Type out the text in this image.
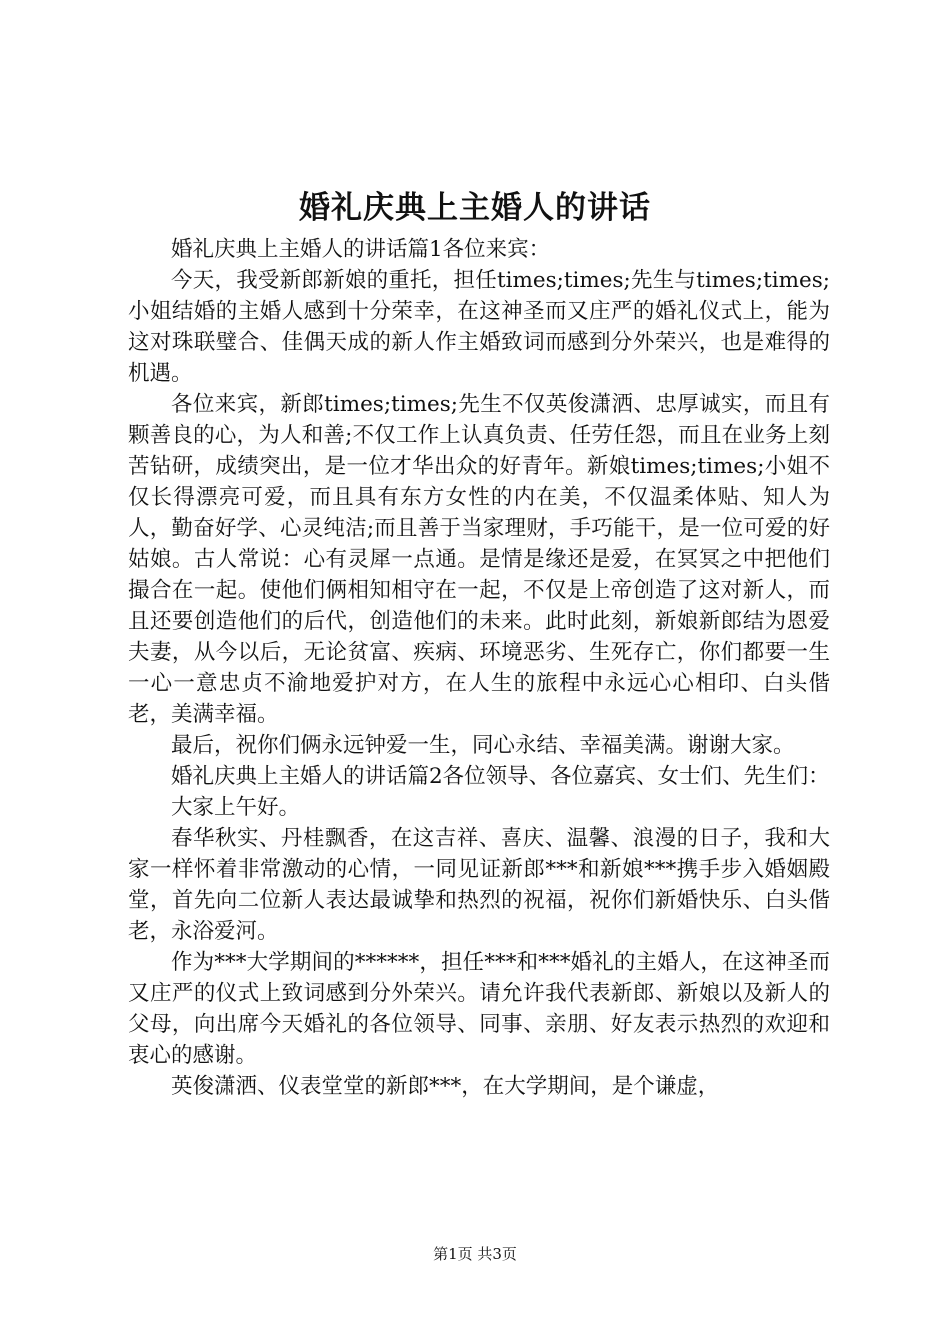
婚礼庆典上主婚人的讲话

婚礼庆典上主婚人的讲话篇1各位来宾：

今天，我受新郎新娘的重托，担任times;times;先生与times;times;小姐结婚的主婚人感到十分荣幸，在这神圣而又庄严的婚礼仪式上，能为这对珠联璧合、佳偶天成的新人作主婚致词而感到分外荣兴，也是难得的机遇。

各位来宾，新郎times;times;先生不仅英俊潇洒、忠厚诚实，而且有颗善良的心，为人和善;不仅工作上认真负责、任劳任怨，而且在业务上刻苦钻研，成绩突出，是一位才华出众的好青年。新娘times;times;小姐不仅长得漂亮可爱，而且具有东方女性的内在美，不仅温柔体贴、知人为人，勤奋好学、心灵纯洁;而且善于当家理财，手巧能干，是一位可爱的好姑娘。古人常说：心有灵犀一点通。是情是缘还是爱，在冥冥之中把他们撮合在一起。使他们俩相知相守在一起，不仅是上帝创造了这对新人，而且还要创造他们的后代，创造他们的未来。此时此刻，新娘新郎结为恩爱夫妻，从今以后，无论贫富、疾病、环境恶劣、生死存亡，你们都要一生一心一意忠贞不渝地爱护对方，在人生的旅程中永远心心相印、白头偕老，美满幸福。

最后，祝你们俩永远钟爱一生，同心永结、幸福美满。谢谢大家。

婚礼庆典上主婚人的讲话篇2各位领导、各位嘉宾、女士们、先生们：

大家上午好。

春华秋实、丹桂飘香，在这吉祥、喜庆、温馨、浪漫的日子，我和大家一样怀着非常激动的心情，一同见证新郎***和新娘***携手步入婚姻殿堂，首先向二位新人表达最诚挚和热烈的祝福，祝你们新婚快乐、白头偕老，永浴爱河。

作为***大学期间的******，担任***和***婚礼的主婚人，在这神圣而又庄严的仪式上致词感到分外荣兴。请允许我代表新郎、新娘以及新人的父母，向出席今天婚礼的各位领导、同事、亲朋、好友表示热烈的欢迎和衷心的感谢。

英俊潇洒、仪表堂堂的新郎***，在大学期间，是个谦虚，

第1页 共3页
